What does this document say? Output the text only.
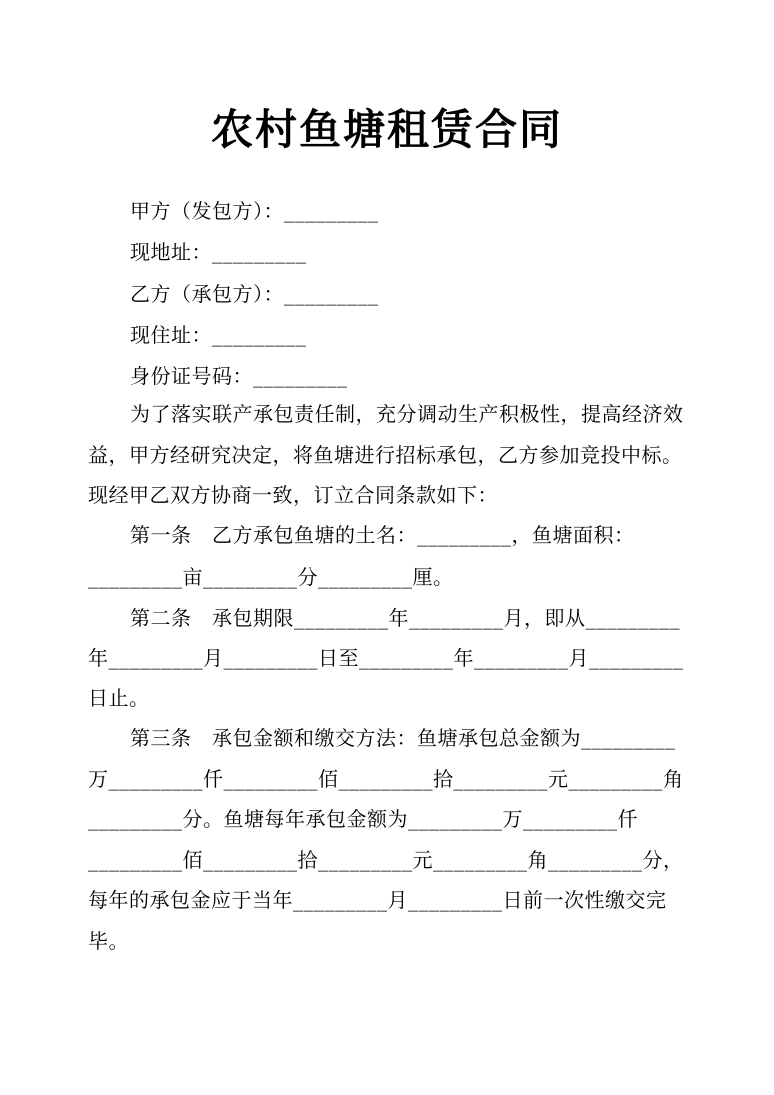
农村鱼塘租赁合同
甲方（发包方）：_________
现地址：_________
乙方（承包方）：_________
现住址：_________
身份证号码：_________
为了落实联产承包责任制，充分调动生产积极性，提高经济效
益，甲方经研究决定，将鱼塘进行招标承包，乙方参加竞投中标。
现经甲乙双方协商一致，订立合同条款如下：
第一条　乙方承包鱼塘的土名：_________，鱼塘面积：
_________亩_________分_________厘。
第二条　承包期限_________年_________月，即从_________
年_________月_________日至_________年_________月_________
日止。
第三条　承包金额和缴交方法：鱼塘承包总金额为_________
万_________仟_________佰_________拾_________元_________角
_________分。鱼塘每年承包金额为_________万_________仟
_________佰_________拾_________元_________角_________分，
每年的承包金应于当年_________月_________日前一次性缴交完
毕。
